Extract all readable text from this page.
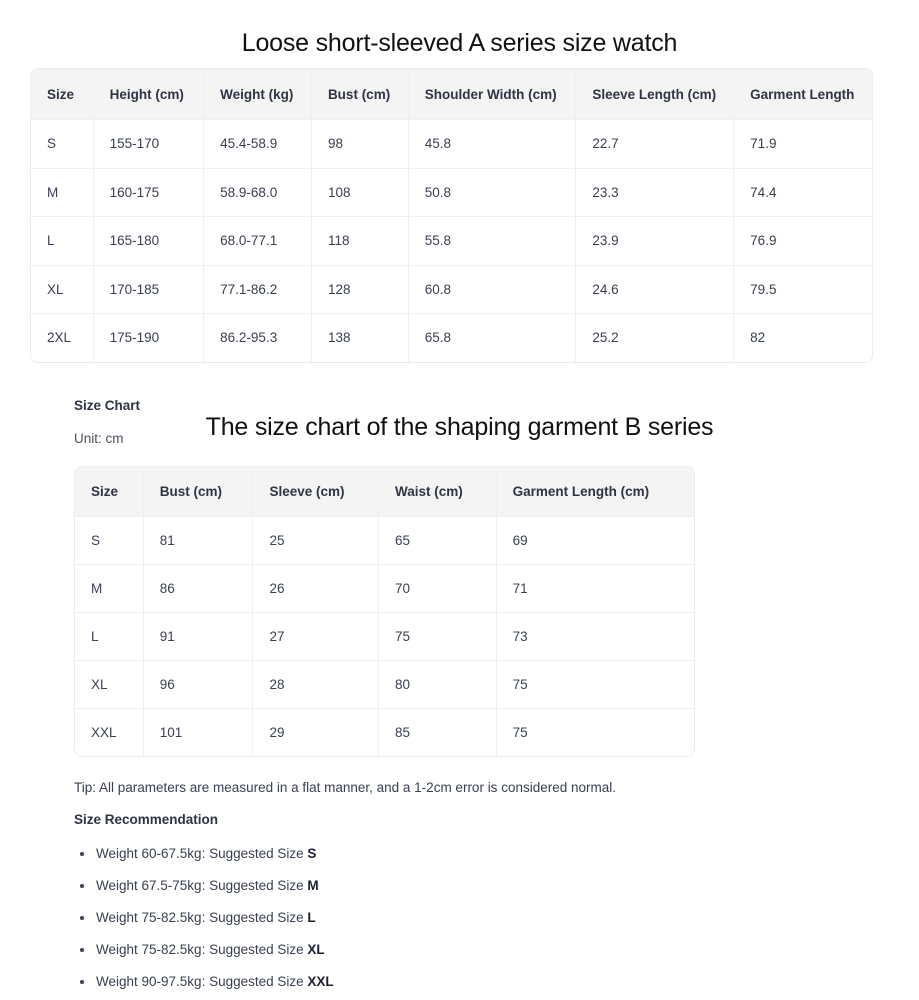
Loose short-sleeved A series size watch
Size	Height (cm)	Weight (kg)	Bust (cm)	Shoulder Width (cm)	Sleeve Length (cm)	Garment Length
S	155-170	45.4-58.9	98	45.8	22.7	71.9
M	160-175	58.9-68.0	108	50.8	23.3	74.4
L	165-180	68.0-77.1	118	55.8	23.9	76.9
XL	170-185	77.1-86.2	128	60.8	24.6	79.5
2XL	175-190	86.2-95.3	138	65.8	25.2	82
Size Chart
Unit: cm	The size chart of the shaping garment B series
Size	Bust (cm)	Sleeve (cm)	Waist (cm)	Garment Length (cm)
S	81	25	65	69
M	86	26	70	71
L	91	27	75	73
XL	96	28	80	75
XXL	101	29	85	75
Tip: All parameters are measured in a flat manner, and a 1-2cm error is considered normal.
Size Recommendation
Weight 60-67.5kg: Suggested Size S
Weight 67.5-75kg: Suggested Size M
Weight 75-82.5kg: Suggested Size L
Weight 75-82.5kg: Suggested Size XL
Weight 90-97.5kg: Suggested Size XXL
